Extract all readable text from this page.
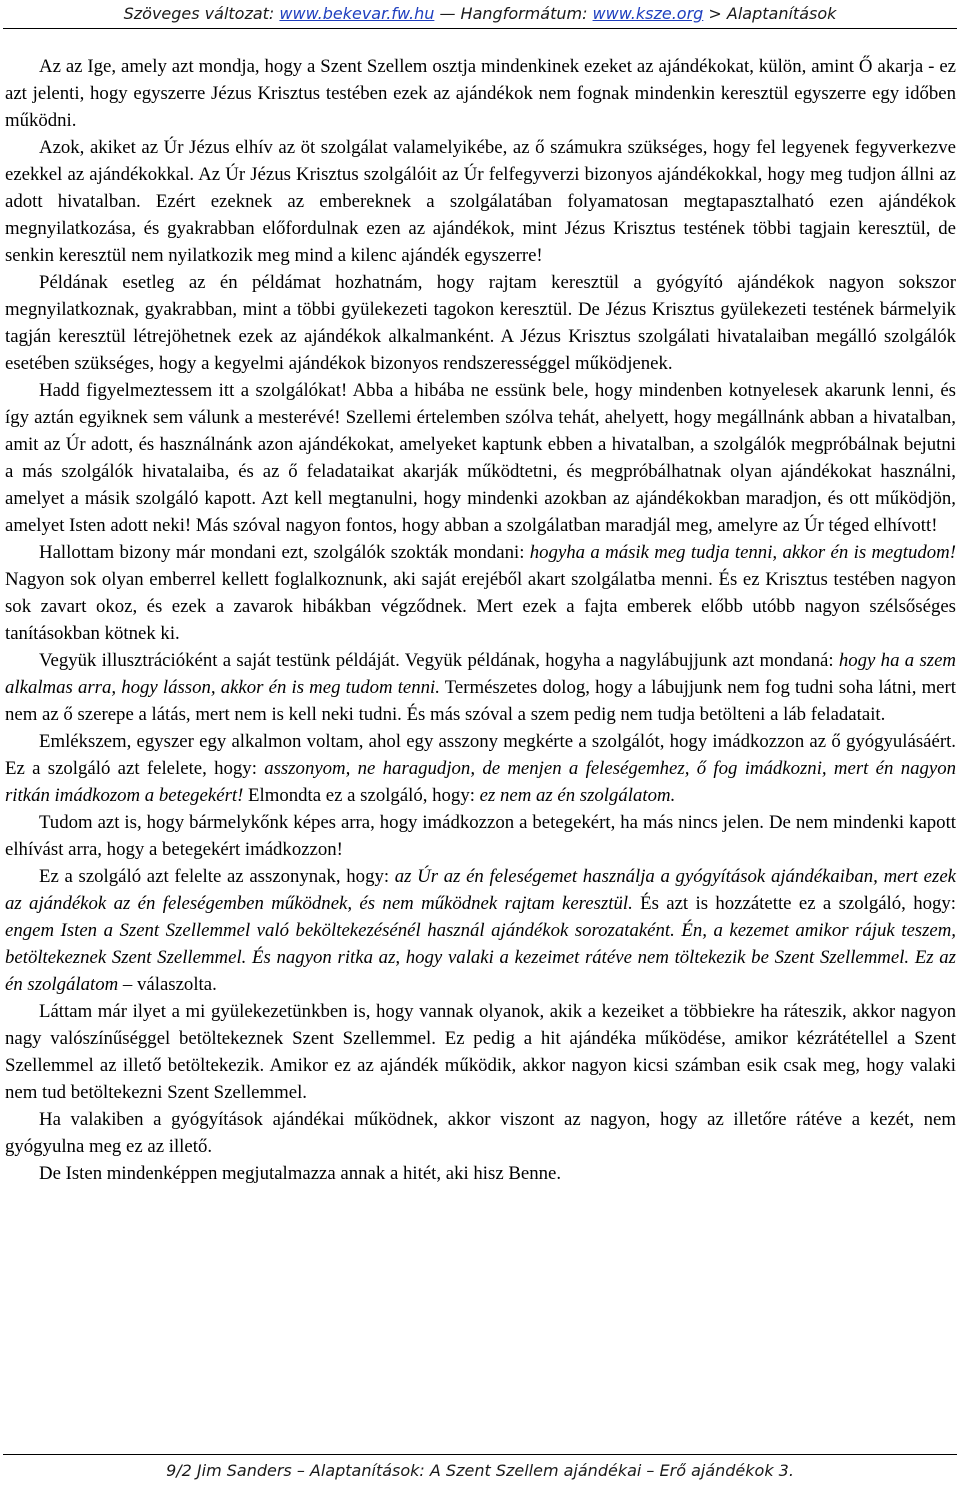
Szöveges változat: www.bekevar.fw.hu — Hangformátum: www.ksze.org > Alaptanítások

Az az Ige, amely azt mondja, hogy a Szent Szellem osztja mindenkinek ezeket az ajándékokat, külön, amint Ő akarja - ez azt jelenti, hogy egyszerre Jézus Krisztus testében ezek az ajándékok nem fognak mindenkin keresztül egyszerre egy időben működni.

Azok, akiket az Úr Jézus elhív az öt szolgálat valamelyikébe, az ő számukra szükséges, hogy fel legyenek fegyverkezve ezekkel az ajándékokkal. Az Úr Jézus Krisztus szolgálóit az Úr felfegyverzi bizonyos ajándékokkal, hogy meg tudjon állni az adott hivatalban. Ezért ezeknek az embereknek a szolgálatában folyamatosan megtapasztalható ezen ajándékok megnyilatkozása, és gyakrabban előfordulnak ezen az ajándékok, mint Jézus Krisztus testének többi tagjain keresztül, de senkin keresztül nem nyilatkozik meg mind a kilenc ajándék egyszerre!

Példának esetleg az én példámat hozhatnám, hogy rajtam keresztül a gyógyító ajándékok nagyon sokszor megnyilatkoznak, gyakrabban, mint a többi gyülekezeti tagokon keresztül. De Jézus Krisztus gyülekezeti testének bármelyik tagján keresztül létrejöhetnek ezek az ajándékok alkalmanként. A Jézus Krisztus szolgálati hivatalaiban megálló szolgálók esetében szükséges, hogy a kegyelmi ajándékok bizonyos rendszerességgel működjenek.

Hadd figyelmeztessem itt a szolgálókat! Abba a hibába ne essünk bele, hogy mindenben kotnyelesek akarunk lenni, és így aztán egyiknek sem válunk a mesterévé! Szellemi értelemben szólva tehát, ahelyett, hogy megállnánk abban a hivatalban, amit az Úr adott, és használnánk azon ajándékokat, amelyeket kaptunk ebben a hivatalban, a szolgálók megpróbálnak bejutni a más szolgálók hivatalaiba, és az ő feladataikat akarják működtetni, és megpróbálhatnak olyan ajándékokat használni, amelyet a másik szolgáló kapott. Azt kell megtanulni, hogy mindenki azokban az ajándékokban maradjon, és ott működjön, amelyet Isten adott neki! Más szóval nagyon fontos, hogy abban a szolgálatban maradjál meg, amelyre az Úr téged elhívott!

Hallottam bizony már mondani ezt, szolgálók szokták mondani: hogyha a másik meg tudja tenni, akkor én is megtudom! Nagyon sok olyan emberrel kellett foglalkoznunk, aki saját erejéből akart szolgálatba menni. És ez Krisztus testében nagyon sok zavart okoz, és ezek a zavarok hibákban végződnek. Mert ezek a fajta emberek előbb utóbb nagyon szélsőséges tanításokban kötnek ki.

Vegyük illusztrációként a saját testünk példáját. Vegyük példának, hogyha a nagylábujjunk azt mondaná: hogy ha a szem alkalmas arra, hogy lásson, akkor én is meg tudom tenni. Természetes dolog, hogy a lábujjunk nem fog tudni soha látni, mert nem az ő szerepe a látás, mert nem is kell neki tudni. És más szóval a szem pedig nem tudja betölteni a láb feladatait.

Emlékszem, egyszer egy alkalmon voltam, ahol egy asszony megkérte a szolgálót, hogy imádkozzon az ő gyógyulásáért. Ez a szolgáló azt felelete, hogy: asszonyom, ne haragudjon, de menjen a feleségemhez, ő fog imádkozni, mert én nagyon ritkán imádkozom a betegekért! Elmondta ez a szolgáló, hogy: ez nem az én szolgálatom.

Tudom azt is, hogy bármelykőnk képes arra, hogy imádkozzon a betegekért, ha más nincs jelen. De nem mindenki kapott elhívást arra, hogy a betegekért imádkozzon!

Ez a szolgáló azt felelte az asszonynak, hogy: az Úr az én feleségemet használja a gyógyítások ajándékaiban, mert ezek az ajándékok az én feleségemben működnek, és nem működnek rajtam keresztül. És azt is hozzátette ez a szolgáló, hogy: engem Isten a Szent Szellemmel való beköltekezésénél használ ajándékok sorozataként. Én, a kezemet amikor rájuk teszem, betöltekeznek Szent Szellemmel. És nagyon ritka az, hogy valaki a kezeimet rátéve nem töltekezik be Szent Szellemmel. Ez az én szolgálatom – válaszolta.

Láttam már ilyet a mi gyülekezetünkben is, hogy vannak olyanok, akik a kezeiket a többiekre ha ráteszik, akkor nagyon nagy valószínűséggel betöltekeznek Szent Szellemmel. Ez pedig a hit ajándéka működése, amikor kézrátétellel a Szent Szellemmel az illető betöltekezik. Amikor ez az ajándék működik, akkor nagyon kicsi számban esik csak meg, hogy valaki nem tud betöltekezni Szent Szellemmel.

Ha valakiben a gyógyítások ajándékai működnek, akkor viszont az nagyon, hogy az illetőre rátéve a kezét, nem gyógyulna meg ez az illető.

De Isten mindenképpen megjutalmazza annak a hitét, aki hisz Benne.

9/2 Jim Sanders – Alaptanítások: A Szent Szellem ajándékai – Erő ajándékok 3.
